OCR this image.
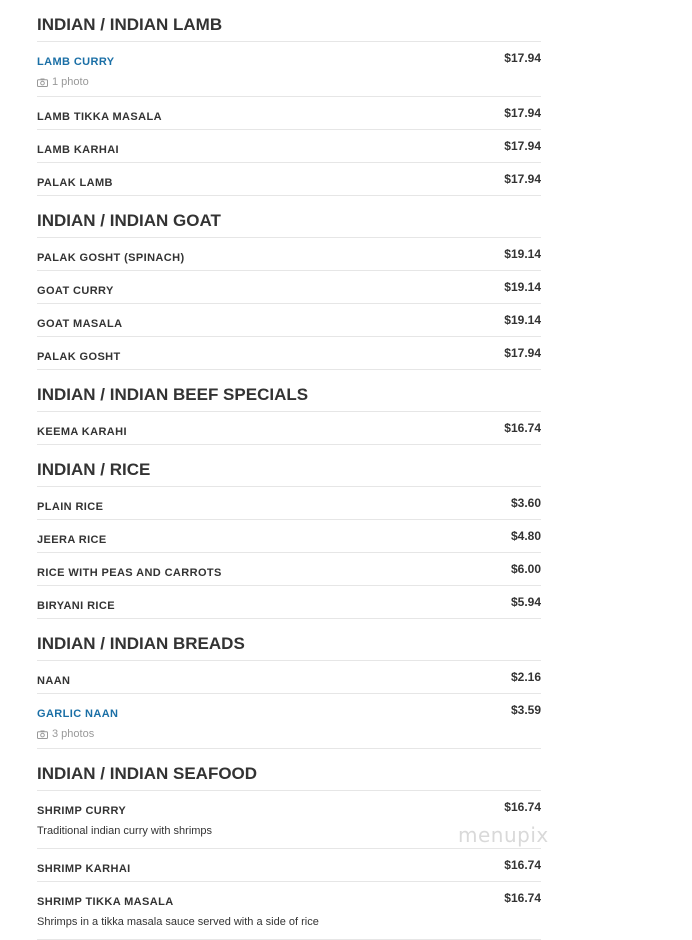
INDIAN / INDIAN LAMB
LAMB CURRY	$17.94
1 photo
LAMB TIKKA MASALA	$17.94
LAMB KARHAI	$17.94
PALAK LAMB	$17.94
INDIAN / INDIAN GOAT
PALAK GOSHT (SPINACH)	$19.14
GOAT CURRY	$19.14
GOAT MASALA	$19.14
PALAK GOSHT	$17.94
INDIAN / INDIAN BEEF SPECIALS
KEEMA KARAHI	$16.74
INDIAN / RICE
PLAIN RICE	$3.60
JEERA RICE	$4.80
RICE WITH PEAS AND CARROTS	$6.00
BIRYANI RICE	$5.94
INDIAN / INDIAN BREADS
NAAN	$2.16
GARLIC NAAN	$3.59
3 photos
INDIAN / INDIAN SEAFOOD
SHRIMP CURRY	$16.74
Traditional indian curry with shrimps
SHRIMP KARHAI	$16.74
SHRIMP TIKKA MASALA	$16.74
Shrimps in a tikka masala sauce served with a side of rice
menupix
